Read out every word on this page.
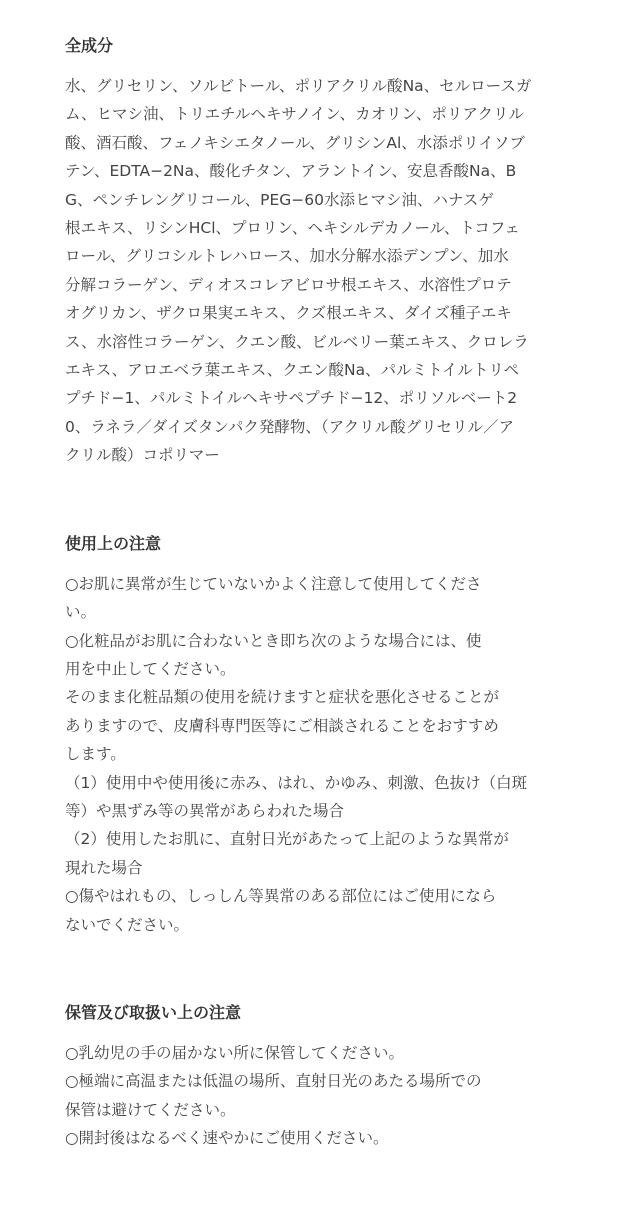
全成分

水、グリセリン、ソルビトール、ポリアクリル酸Na、セルロースガ
ム、ヒマシ油、トリエチルヘキサノイン、カオリン、ポリアクリル
酸、酒石酸、フェノキシエタノール、グリシンAl、水添ポリイソブ
テン、EDTA−2Na、酸化チタン、アラントイン、安息香酸Na、B
G、ペンチレングリコール、PEG−60水添ヒマシ油、ハナスゲ
根エキス、リシンHCl、プロリン、ヘキシルデカノール、トコフェ
ロール、グリコシルトレハロース、加水分解水添デンプン、加水
分解コラーゲン、ディオスコレアビロサ根エキス、水溶性プロテ
オグリカン、ザクロ果実エキス、クズ根エキス、ダイズ種子エキ
ス、水溶性コラーゲン、クエン酸、ビルベリー葉エキス、クロレラ
エキス、アロエベラ葉エキス、クエン酸Na、パルミトイルトリペ
プチド−1、パルミトイルヘキサペプチド−12、ポリソルベート2
0、ラネラ／ダイズタンパク発酵物、（アクリル酸グリセリル／ア
クリル酸）コポリマー

使用上の注意

○お肌に異常が生じていないかよく注意して使用してくださ
い。
○化粧品がお肌に合わないとき即ち次のような場合には、使
用を中止してください。
そのまま化粧品類の使用を続けますと症状を悪化させることが
ありますので、皮膚科専門医等にご相談されることをおすすめ
します。
（1）使用中や使用後に赤み、はれ、かゆみ、刺激、色抜け（白斑
等）や黒ずみ等の異常があらわれた場合
（2）使用したお肌に、直射日光があたって上記のような異常が
現れた場合
○傷やはれもの、しっしん等異常のある部位にはご使用になら
ないでください。

保管及び取扱い上の注意

○乳幼児の手の届かない所に保管してください。
○極端に高温または低温の場所、直射日光のあたる場所での
保管は避けてください。
○開封後はなるべく速やかにご使用ください。
